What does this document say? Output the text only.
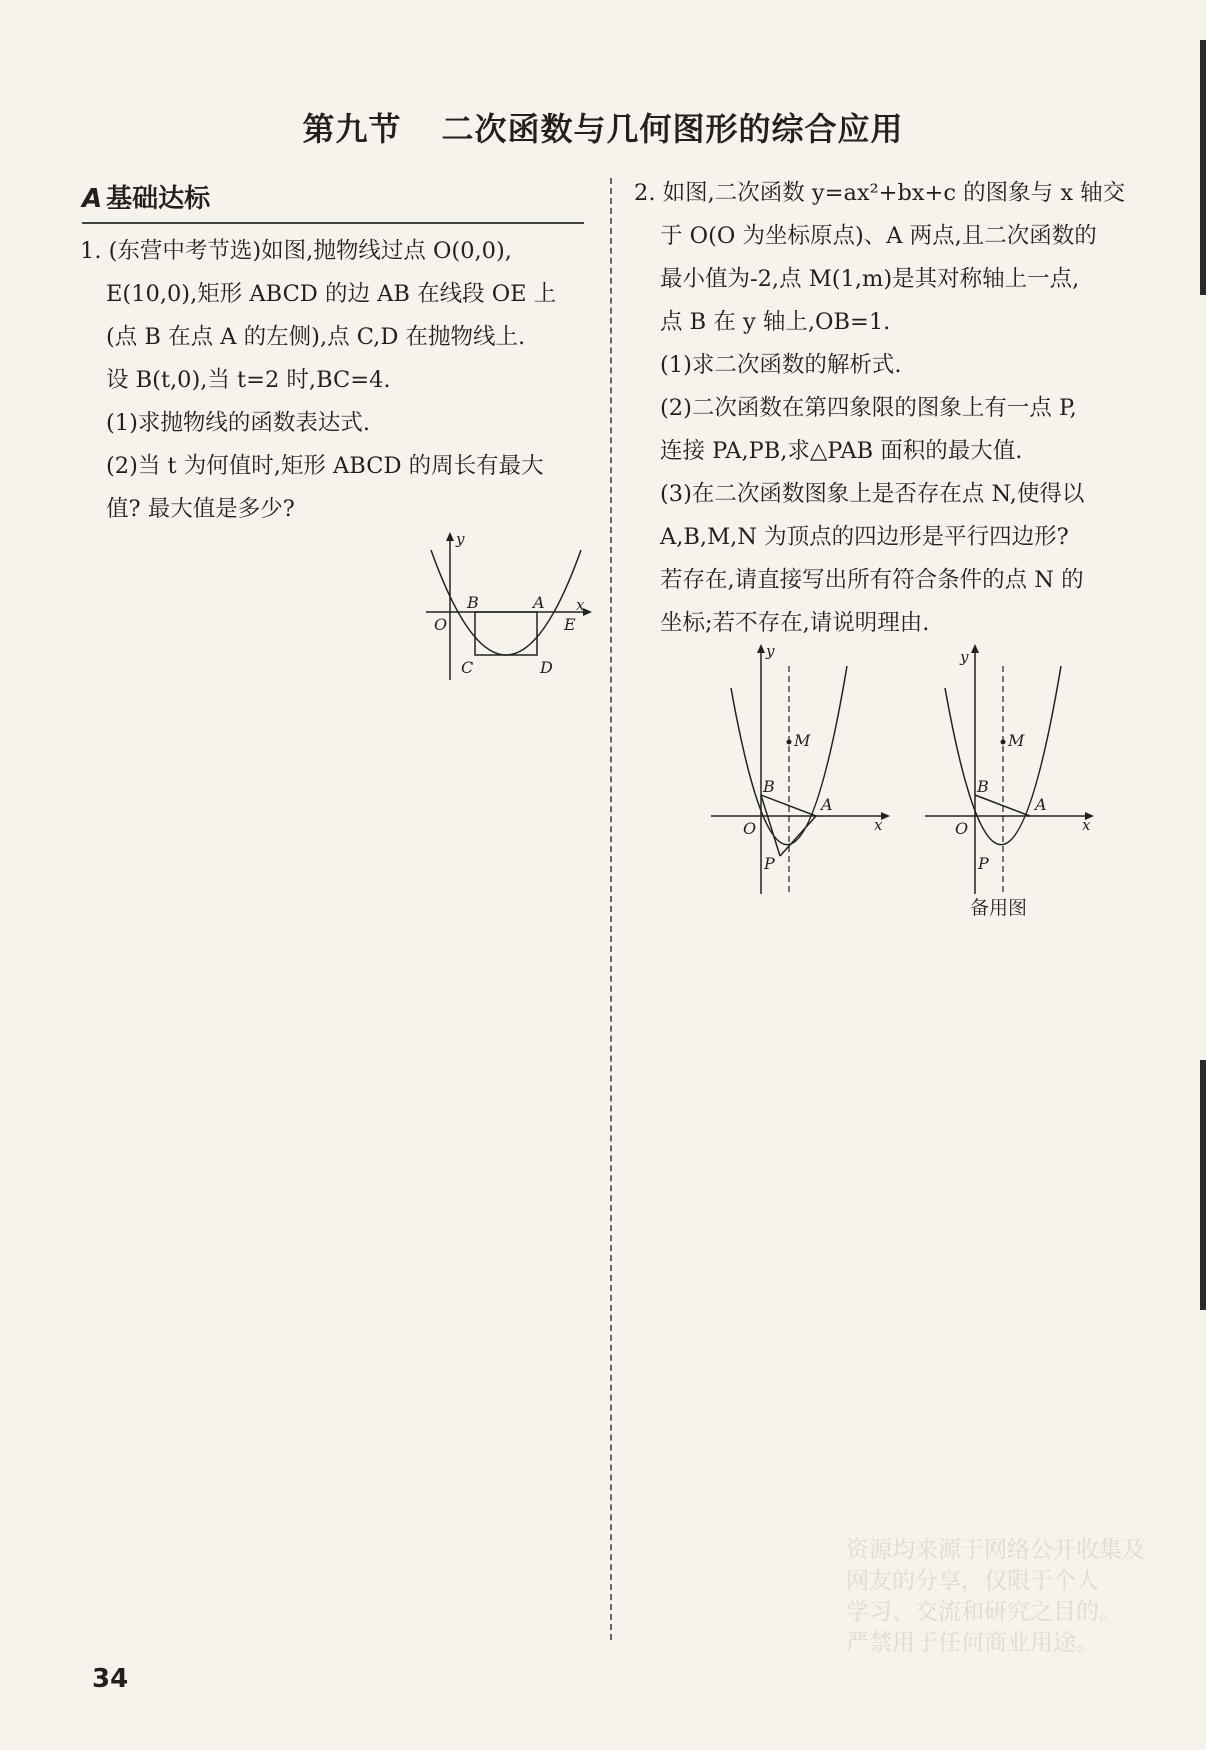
第九节 二次函数与几何图形的综合应用
A 基础达标
1. (东营中考节选)如图,抛物线过点 O(0,0),
E(10,0),矩形 ABCD 的边 AB 在线段 OE 上
(点 B 在点 A 的左侧),点 C,D 在抛物线上.
设 B(t,0),当 t=2 时,BC=4.
(1)求抛物线的函数表达式.
(2)当 t 为何值时,矩形 ABCD 的周长有最大
值? 最大值是多少?
y
x
O
B	A
E
C	D
2. 如图,二次函数 y=ax²+bx+c 的图象与 x 轴交
于 O(O 为坐标原点)、A 两点,且二次函数的
最小值为-2,点 M(1,m)是其对称轴上一点,
点 B 在 y 轴上,OB=1.
(1)求二次函数的解析式.
(2)二次函数在第四象限的图象上有一点 P,
连接 PA,PB,求△PAB 面积的最大值.
(3)在二次函数图象上是否存在点 N,使得以
A,B,M,N 为顶点的四边形是平行四边形?
若存在,请直接写出所有符合条件的点 N 的
坐标;若不存在,请说明理由.
y
x
M
B
A
O
P
y
x
M
B
A
O
P
备用图
34
资源均来源于网络公开收集及
网友的分享，仅限于个人
学习、交流和研究之目的。
严禁用于任何商业用途。
